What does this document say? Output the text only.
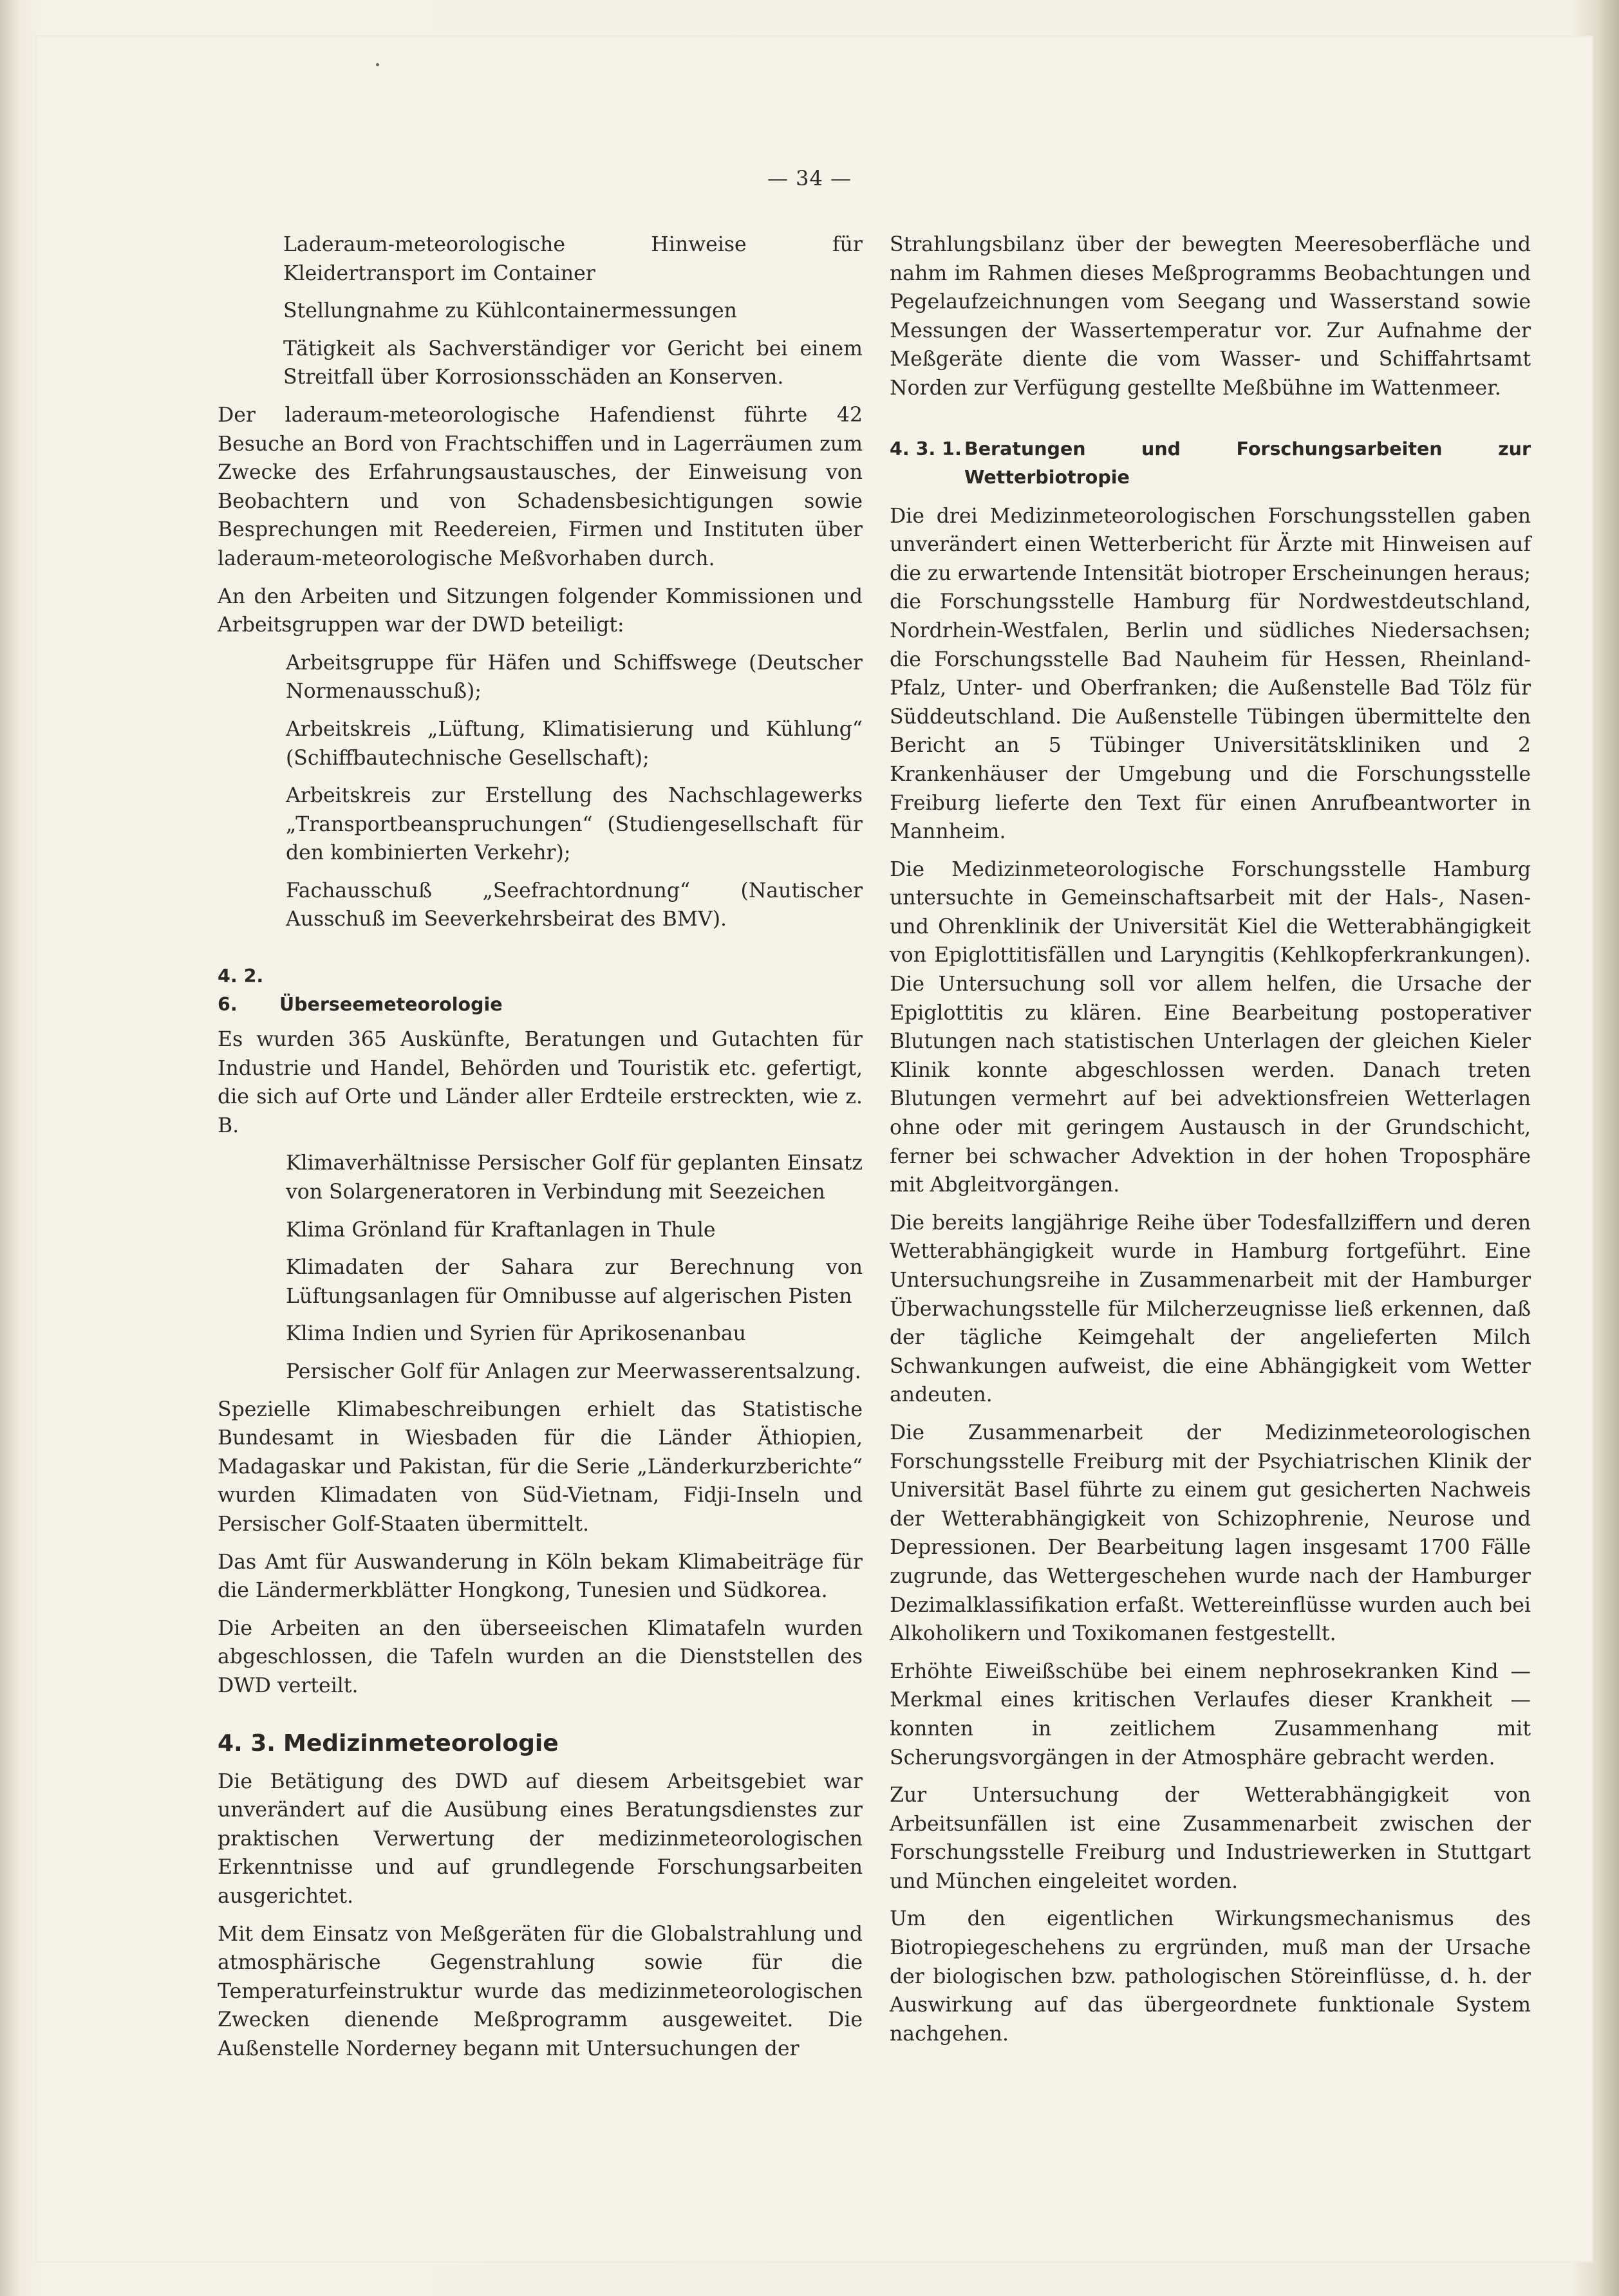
— 34 —

Laderaum-meteorologische Hinweise für Kleidertransport im Container

Stellungnahme zu Kühlcontainermessungen

Tätigkeit als Sachverständiger vor Gericht bei einem Streitfall über Korrosionsschäden an Konserven.

Der laderaum-meteorologische Hafendienst führte 42 Besuche an Bord von Frachtschiffen und in Lagerräumen zum Zwecke des Erfahrungsaustausches, der Einweisung von Beobachtern und von Schadensbesichtigungen sowie Besprechungen mit Reedereien, Firmen und Instituten über laderaum-meteorologische Meßvorhaben durch.

An den Arbeiten und Sitzungen folgender Kommissionen und Arbeitsgruppen war der DWD beteiligt:

Arbeitsgruppe für Häfen und Schiffswege (Deutscher Normenausschuß);

Arbeitskreis „Lüftung, Klimatisierung und Kühlung“ (Schiffbautechnische Gesellschaft);

Arbeitskreis zur Erstellung des Nachschlagewerks „Transportbeanspruchungen“ (Studiengesellschaft für den kombinierten Verkehr);

Fachausschuß „Seefrachtordnung“ (Nautischer Ausschuß im Seeverkehrsbeirat des BMV).

4. 2. 6. Überseemeteorologie

Es wurden 365 Auskünfte, Beratungen und Gutachten für Industrie und Handel, Behörden und Touristik etc. gefertigt, die sich auf Orte und Länder aller Erdteile erstreckten, wie z. B.

Klimaverhältnisse Persischer Golf für geplanten Einsatz von Solargeneratoren in Verbindung mit Seezeichen

Klima Grönland für Kraftanlagen in Thule

Klimadaten der Sahara zur Berechnung von Lüftungsanlagen für Omnibusse auf algerischen Pisten

Klima Indien und Syrien für Aprikosenanbau

Persischer Golf für Anlagen zur Meerwasserentsalzung.

Spezielle Klimabeschreibungen erhielt das Statistische Bundesamt in Wiesbaden für die Länder Äthiopien, Madagaskar und Pakistan, für die Serie „Länderkurzberichte“ wurden Klimadaten von Süd-Vietnam, Fidji-Inseln und Persischer Golf-Staaten übermittelt.

Das Amt für Auswanderung in Köln bekam Klimabeiträge für die Ländermerkblätter Hongkong, Tunesien und Südkorea.

Die Arbeiten an den überseeischen Klimatafeln wurden abgeschlossen, die Tafeln wurden an die Dienststellen des DWD verteilt.

4. 3. Medizinmeteorologie

Die Betätigung des DWD auf diesem Arbeitsgebiet war unverändert auf die Ausübung eines Beratungsdienstes zur praktischen Verwertung der medizinmeteorologischen Erkenntnisse und auf grundlegende Forschungsarbeiten ausgerichtet.

Mit dem Einsatz von Meßgeräten für die Globalstrahlung und atmosphärische Gegenstrahlung sowie für die Temperaturfeinstruktur wurde das medizinmeteorologischen Zwecken dienende Meßprogramm ausgeweitet. Die Außenstelle Norderney begann mit Untersuchungen der

Strahlungsbilanz über der bewegten Meeresoberfläche und nahm im Rahmen dieses Meßprogramms Beobachtungen und Pegelaufzeichnungen vom Seegang und Wasserstand sowie Messungen der Wassertemperatur vor. Zur Aufnahme der Meßgeräte diente die vom Wasser- und Schiffahrtsamt Norden zur Verfügung gestellte Meßbühne im Wattenmeer.

4. 3. 1. Beratungen und Forschungsarbeiten zur Wetterbiotropie

Die drei Medizinmeteorologischen Forschungsstellen gaben unverändert einen Wetterbericht für Ärzte mit Hinweisen auf die zu erwartende Intensität biotroper Erscheinungen heraus; die Forschungsstelle Hamburg für Nordwestdeutschland, Nordrhein-Westfalen, Berlin und südliches Niedersachsen; die Forschungsstelle Bad Nauheim für Hessen, Rheinland-Pfalz, Unter- und Oberfranken; die Außenstelle Bad Tölz für Süddeutschland. Die Außenstelle Tübingen übermittelte den Bericht an 5 Tübinger Universitätskliniken und 2 Krankenhäuser der Umgebung und die Forschungsstelle Freiburg lieferte den Text für einen Anrufbeantworter in Mannheim.

Die Medizinmeteorologische Forschungsstelle Hamburg untersuchte in Gemeinschaftsarbeit mit der Hals-, Nasen- und Ohrenklinik der Universität Kiel die Wetterabhängigkeit von Epiglottitisfällen und Laryngitis (Kehlkopferkrankungen). Die Untersuchung soll vor allem helfen, die Ursache der Epiglottitis zu klären. Eine Bearbeitung postoperativer Blutungen nach statistischen Unterlagen der gleichen Kieler Klinik konnte abgeschlossen werden. Danach treten Blutungen vermehrt auf bei advektionsfreien Wetterlagen ohne oder mit geringem Austausch in der Grundschicht, ferner bei schwacher Advektion in der hohen Troposphäre mit Abgleitvorgängen.

Die bereits langjährige Reihe über Todesfallziffern und deren Wetterabhängigkeit wurde in Hamburg fortgeführt. Eine Untersuchungsreihe in Zusammenarbeit mit der Hamburger Überwachungsstelle für Milcherzeugnisse ließ erkennen, daß der tägliche Keimgehalt der angelieferten Milch Schwankungen aufweist, die eine Abhängigkeit vom Wetter andeuten.

Die Zusammenarbeit der Medizinmeteorologischen Forschungsstelle Freiburg mit der Psychiatrischen Klinik der Universität Basel führte zu einem gut gesicherten Nachweis der Wetterabhängigkeit von Schizophrenie, Neurose und Depressionen. Der Bearbeitung lagen insgesamt 1700 Fälle zugrunde, das Wettergeschehen wurde nach der Hamburger Dezimalklassifikation erfaßt. Wettereinflüsse wurden auch bei Alkoholikern und Toxikomanen festgestellt.

Erhöhte Eiweißschübe bei einem nephrosekranken Kind — Merkmal eines kritischen Verlaufes dieser Krankheit — konnten in zeitlichem Zusammenhang mit Scherungsvorgängen in der Atmosphäre gebracht werden.

Zur Untersuchung der Wetterabhängigkeit von Arbeitsunfällen ist eine Zusammenarbeit zwischen der Forschungsstelle Freiburg und Industriewerken in Stuttgart und München eingeleitet worden.

Um den eigentlichen Wirkungsmechanismus des Biotropiegeschehens zu ergründen, muß man der Ursache der biologischen bzw. pathologischen Störeinflüsse, d. h. der Auswirkung auf das übergeordnete funktionale System nachgehen.
